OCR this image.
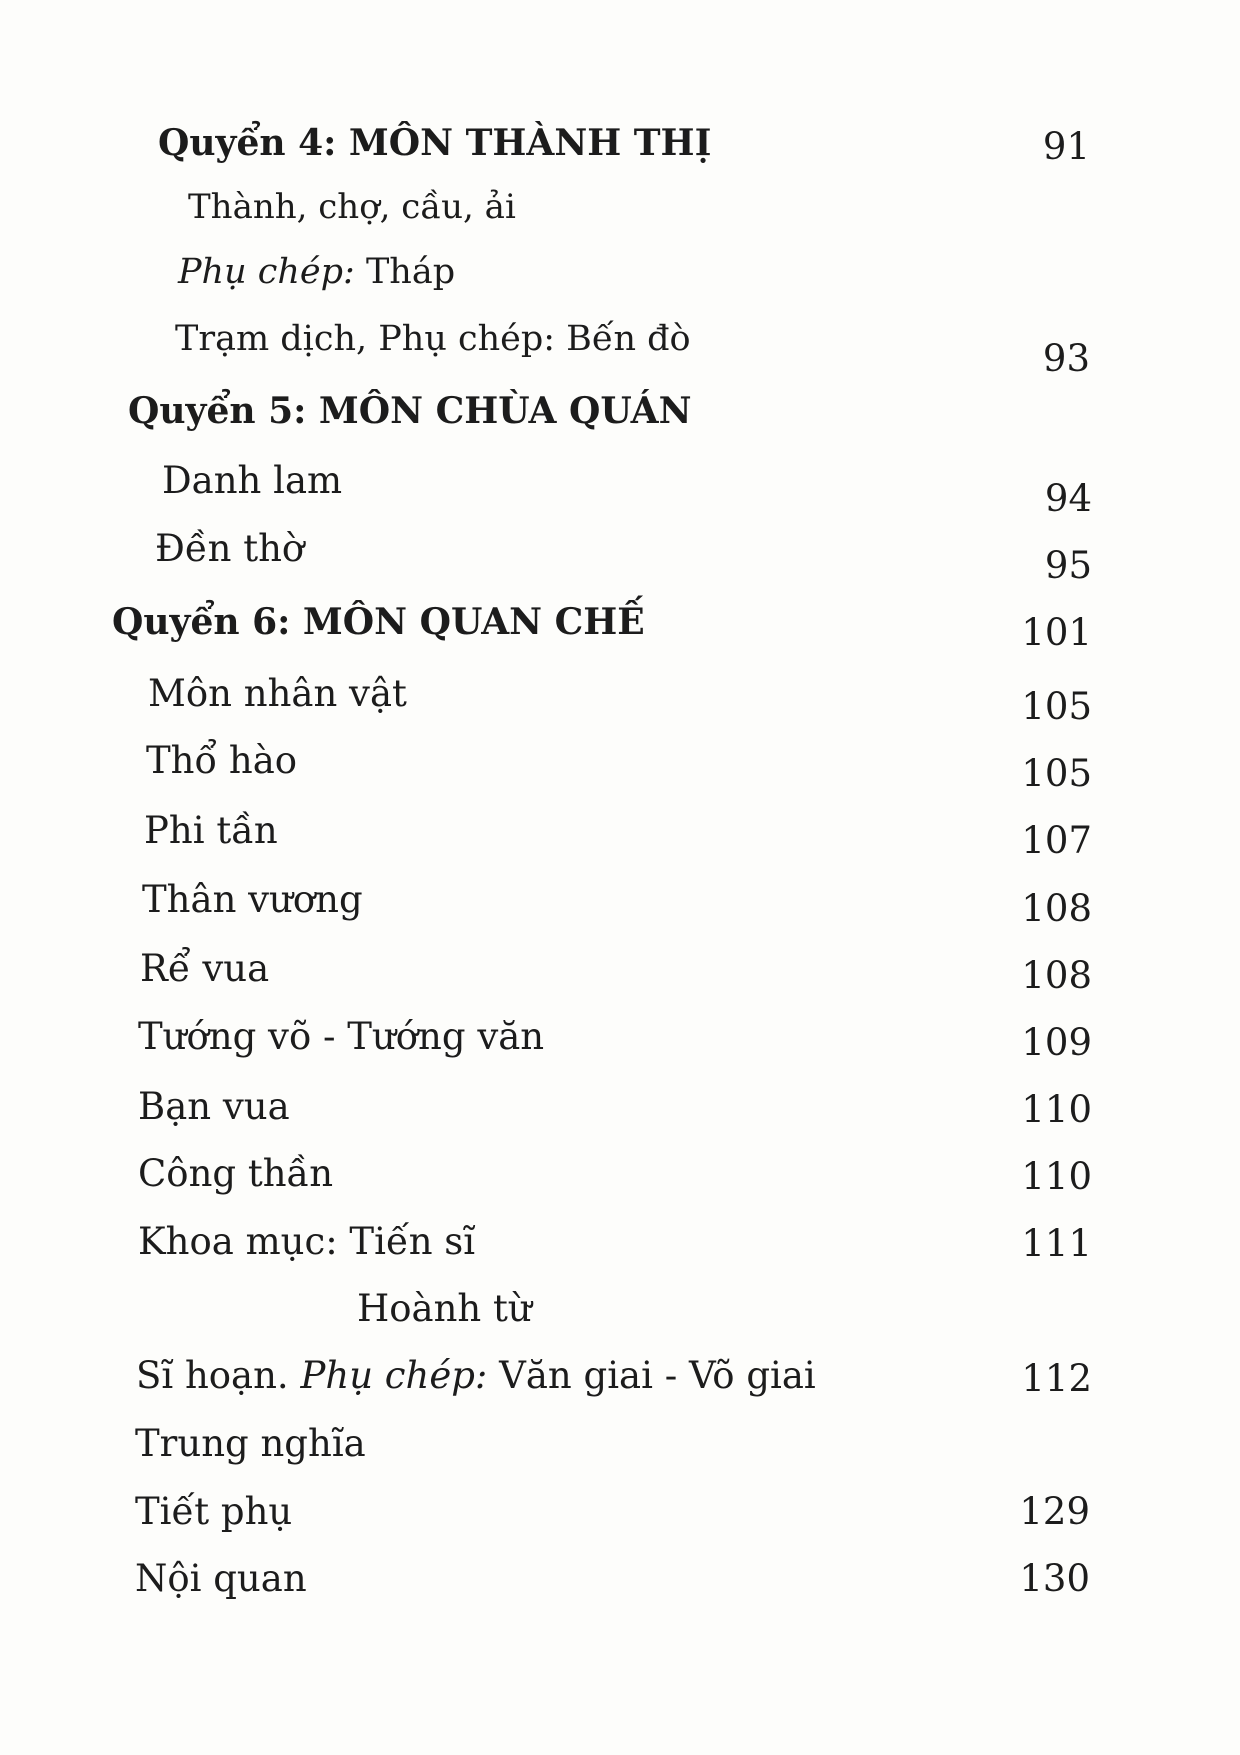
Quyển 4: MÔN THÀNH THỊ	91
Thành, chợ, cầu, ải
Phụ chép: Tháp
Trạm dịch, Phụ chép: Bến đò	93
Quyển 5: MÔN CHÙA QUÁN
Danh lam	94
Đền thờ	95
Quyển 6: MÔN QUAN CHẾ	101
Môn nhân vật	105
Thổ hào	105
Phi tần	107
Thân vương	108
Rể vua	108
Tướng võ - Tướng văn	109
Bạn vua	110
Công thần	110
Khoa mục: Tiến sĩ	111
Hoành từ
Sĩ hoạn. Phụ chép: Văn giai - Võ giai	112
Trung nghĩa
Tiết phụ	129
Nội quan	130
